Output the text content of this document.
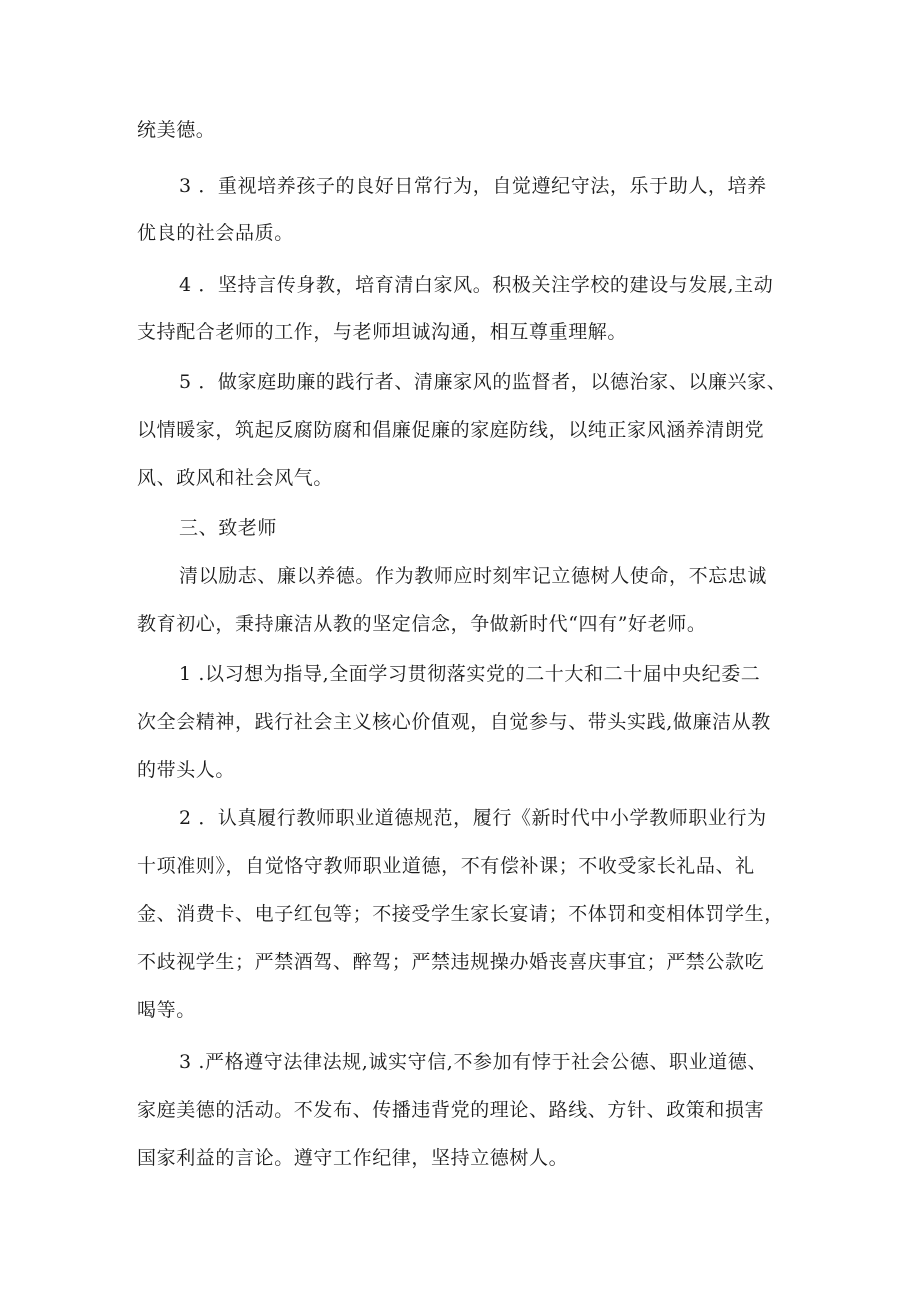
统美德。
3 ．重视培养孩子的良好日常行为，自觉遵纪守法，乐于助人，培养
优良的社会品质。
4 ．坚持言传身教，培育清白家风。积极关注学校的建设与发展,主动
支持配合老师的工作，与老师坦诚沟通，相互尊重理解。
5 ．做家庭助廉的践行者、清廉家风的监督者，以德治家、以廉兴家、
以情暖家，筑起反腐防腐和倡廉促廉的家庭防线，以纯正家风涵养清朗党
风、政风和社会风气。
三、致老师
清以励志、廉以养德。作为教师应时刻牢记立德树人使命，不忘忠诚
教育初心，秉持廉洁从教的坚定信念，争做新时代“四有”好老师。
1 .以习想为指导,全面学习贯彻落实党的二十大和二十届中央纪委二
次全会精神，践行社会主义核心价值观，自觉参与、带头实践,做廉洁从教
的带头人。
2 ．认真履行教师职业道德规范，履行《新时代中小学教师职业行为
十项准则》，自觉恪守教师职业道德，不有偿补课；不收受家长礼品、礼
金、消费卡、电子红包等；不接受学生家长宴请；不体罚和变相体罚学生，
不歧视学生；严禁酒驾、醉驾；严禁违规操办婚丧喜庆事宜；严禁公款吃
喝等。
3 .严格遵守法律法规,诚实守信,不参加有悖于社会公德、职业道德、
家庭美德的活动。不发布、传播违背党的理论、路线、方针、政策和损害
国家利益的言论。遵守工作纪律，坚持立德树人。
